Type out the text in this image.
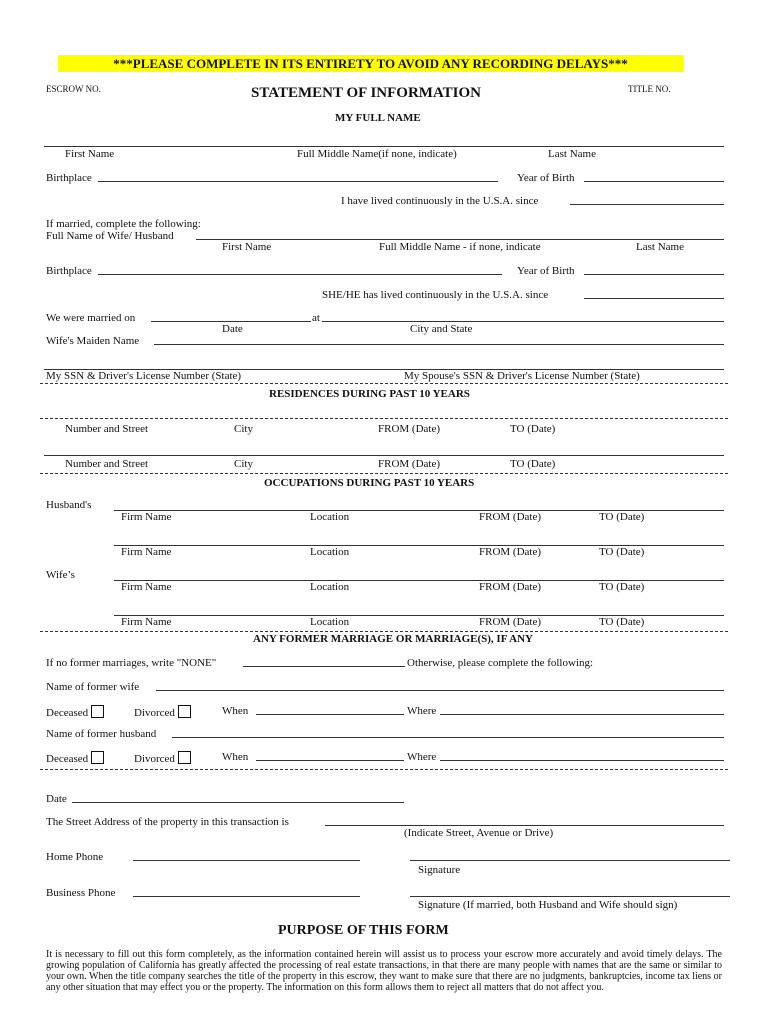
***PLEASE COMPLETE IN ITS ENTIRETY TO AVOID ANY RECORDING DELAYS***
ESCROW NO.	STATEMENT OF INFORMATION	TITLE NO.
MY FULL NAME
First Name	Full Middle Name(if none, indicate)	Last Name
Birthplace	Year of Birth
I have lived continuously in the U.S.A. since
If married, complete the following:
Full Name of Wife/ Husband
First Name	Full Middle Name - if none, indicate	Last Name
Birthplace	Year of Birth
SHE/HE has lived continuously in the U.S.A. since
We were married on	at
Date	City and State
Wife's Maiden Name
My SSN & Driver's License Number (State)	My Spouse's SSN & Driver's License Number (State)
RESIDENCES DURING PAST 10 YEARS
Number and Street	City	FROM (Date)	TO (Date)
Number and Street	City	FROM (Date)	TO (Date)
OCCUPATIONS DURING PAST 10 YEARS
Husband's
Firm Name	Location	FROM (Date)	TO (Date)
Firm Name	Location	FROM (Date)	TO (Date)
Wife’s
Firm Name	Location	FROM (Date)	TO (Date)
Firm Name	Location	FROM (Date)	TO (Date)
ANY FORMER MARRIAGE OR MARRIAGE(S), IF ANY
If no former marriages, write "NONE"	Otherwise, please complete the following:
Name of former wife
Deceased	Divorced	When	Where
Name of former husband
Deceased	Divorced	When	Where
Date
The Street Address of the property in this transaction is
(Indicate Street, Avenue or Drive)
Home Phone
Signature
Business Phone
Signature (If married, both Husband and Wife should sign)
PURPOSE OF THIS FORM
It is necessary to fill out this form completely, as the information contained herein will assist us to process your escrow more accurately and avoid timely delays. The growing population of California has greatly affected the processing of real estate transactions, in that there are many people with names that are the same or similar to your own. When the title company searches the title of the property in this escrow, they want to make sure that there are no judgments, bankruptcies, income tax liens or any other situation that may effect you or the property. The information on this form allows them to reject all matters that do not affect you.
